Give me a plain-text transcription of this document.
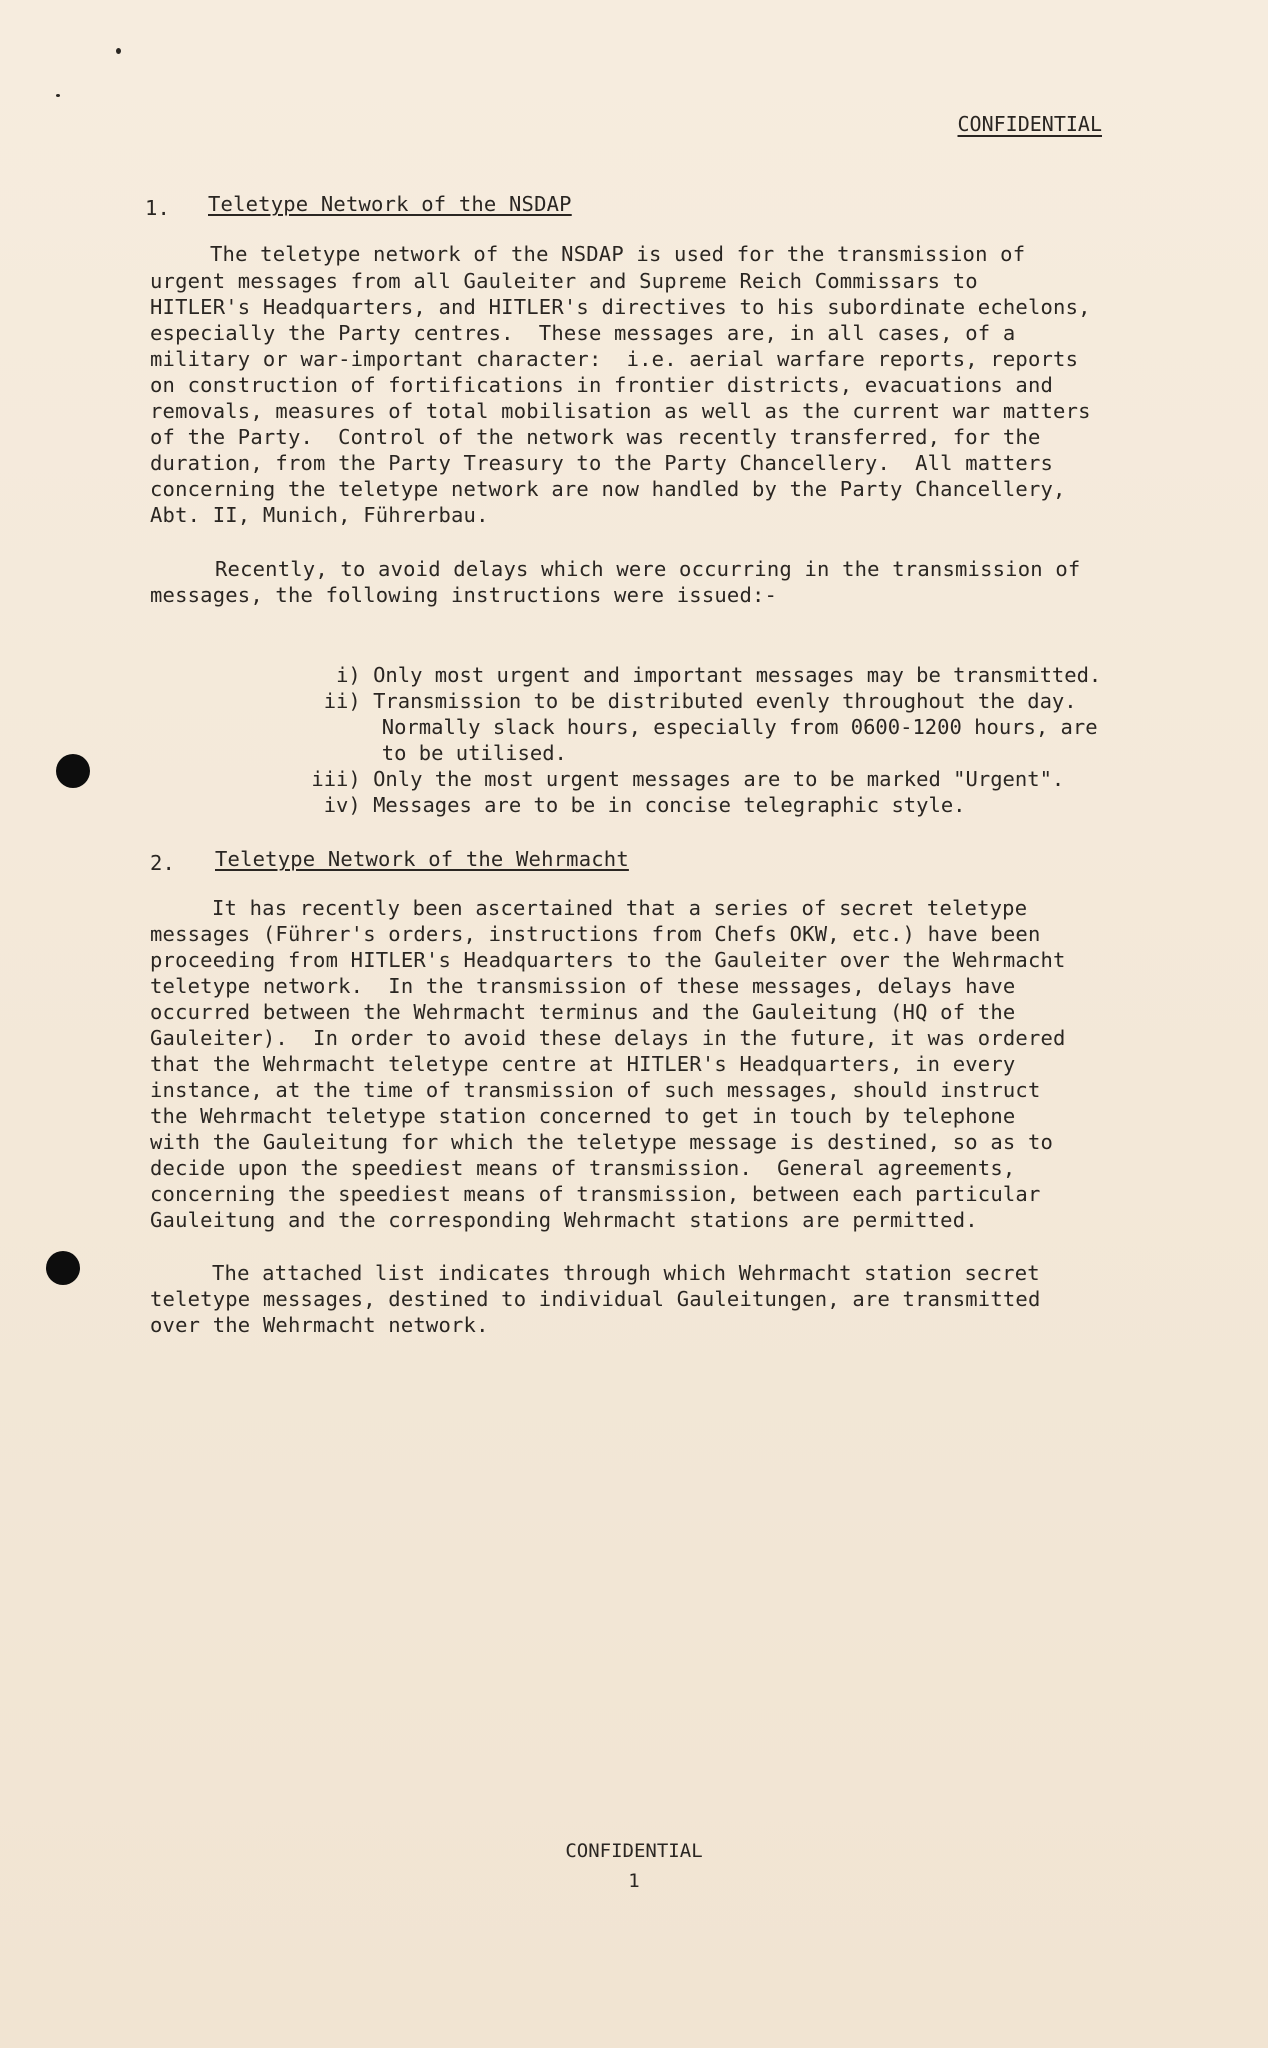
CONFIDENTIAL
1. Teletype Network of the NSDAP
The teletype network of the NSDAP is used for the transmission of
urgent messages from all Gauleiter and Supreme Reich Commissars to
HITLER's Headquarters, and HITLER's directives to his subordinate echelons,
especially the Party centres.  These messages are, in all cases, of a
military or war-important character:  i.e. aerial warfare reports, reports
on construction of fortifications in frontier districts, evacuations and
removals, measures of total mobilisation as well as the current war matters
of the Party.  Control of the network was recently transferred, for the
duration, from the Party Treasury to the Party Chancellery.  All matters
concerning the teletype network are now handled by the Party Chancellery,
Abt. II, Munich, Führerbau.
Recently, to avoid delays which were occurring in the transmission of
messages, the following instructions were issued:-

i) Only most urgent and important messages may be transmitted.

ii) Transmission to be distributed evenly throughout the day.

Normally slack hours, especially from 0600-1200 hours, are

to be utilised.

iii) Only the most urgent messages are to be marked "Urgent".

iv) Messages are to be in concise telegraphic style.

2. Teletype Network of the Wehrmacht
It has recently been ascertained that a series of secret teletype
messages (Führer's orders, instructions from Chefs OKW, etc.) have been
proceeding from HITLER's Headquarters to the Gauleiter over the Wehrmacht
teletype network.  In the transmission of these messages, delays have
occurred between the Wehrmacht terminus and the Gauleitung (HQ of the
Gauleiter).  In order to avoid these delays in the future, it was ordered
that the Wehrmacht teletype centre at HITLER's Headquarters, in every
instance, at the time of transmission of such messages, should instruct
the Wehrmacht teletype station concerned to get in touch by telephone
with the Gauleitung for which the teletype message is destined, so as to
decide upon the speediest means of transmission.  General agreements,
concerning the speediest means of transmission, between each particular
Gauleitung and the corresponding Wehrmacht stations are permitted.
The attached list indicates through which Wehrmacht station secret
teletype messages, destined to individual Gauleitungen, are transmitted
over the Wehrmacht network.
CONFIDENTIAL
1
